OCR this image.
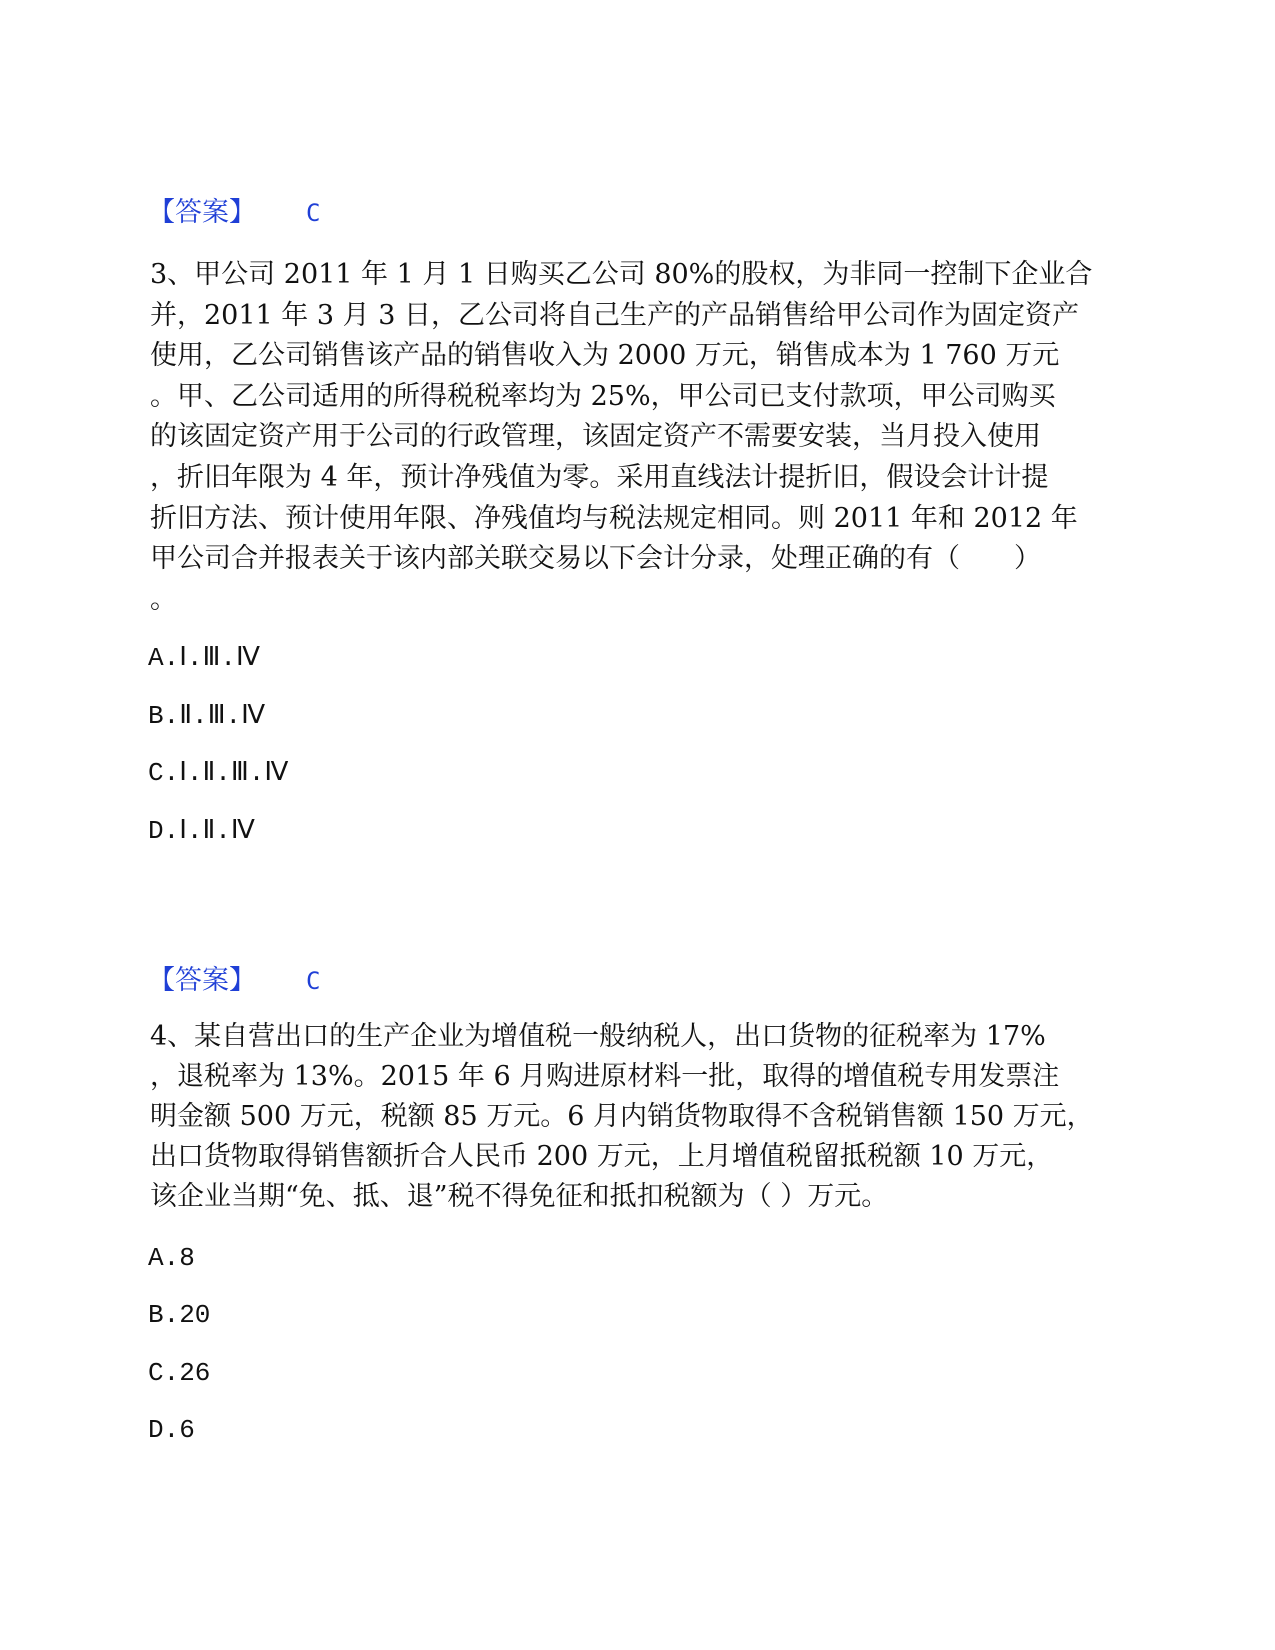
【答案】 C
3、甲公司 2011 年 1 月 1 日购买乙公司 80%的股权，为非同一控制下企业合
并，2011 年 3 月 3 日，乙公司将自己生产的产品销售给甲公司作为固定资产
使用，乙公司销售该产品的销售收入为 2000 万元，销售成本为 1 760 万元
。甲、乙公司适用的所得税税率均为 25%，甲公司已支付款项，甲公司购买
的该固定资产用于公司的行政管理，该固定资产不需要安装，当月投入使用
，折旧年限为 4 年，预计净残值为零。采用直线法计提折旧，假设会计计提
折旧方法、预计使用年限、净残值均与税法规定相同。则 2011 年和 2012 年
甲公司合并报表关于该内部关联交易以下会计分录，处理正确的有（　　）
。
A.Ⅰ.Ⅲ.Ⅳ
B.Ⅱ.Ⅲ.Ⅳ
C.Ⅰ.Ⅱ.Ⅲ.Ⅳ
D.Ⅰ.Ⅱ.Ⅳ
【答案】 C
4、某自营出口的生产企业为增值税一般纳税人，出口货物的征税率为 17%
，退税率为 13%。2015 年 6 月购进原材料一批，取得的增值税专用发票注
明金额 500 万元，税额 85 万元。6 月内销货物取得不含税销售额 150 万元，
出口货物取得销售额折合人民币 200 万元，上月增值税留抵税额 10 万元，
该企业当期“免、抵、退”税不得免征和抵扣税额为（ ）万元。
A.8
B.20
C.26
D.6
